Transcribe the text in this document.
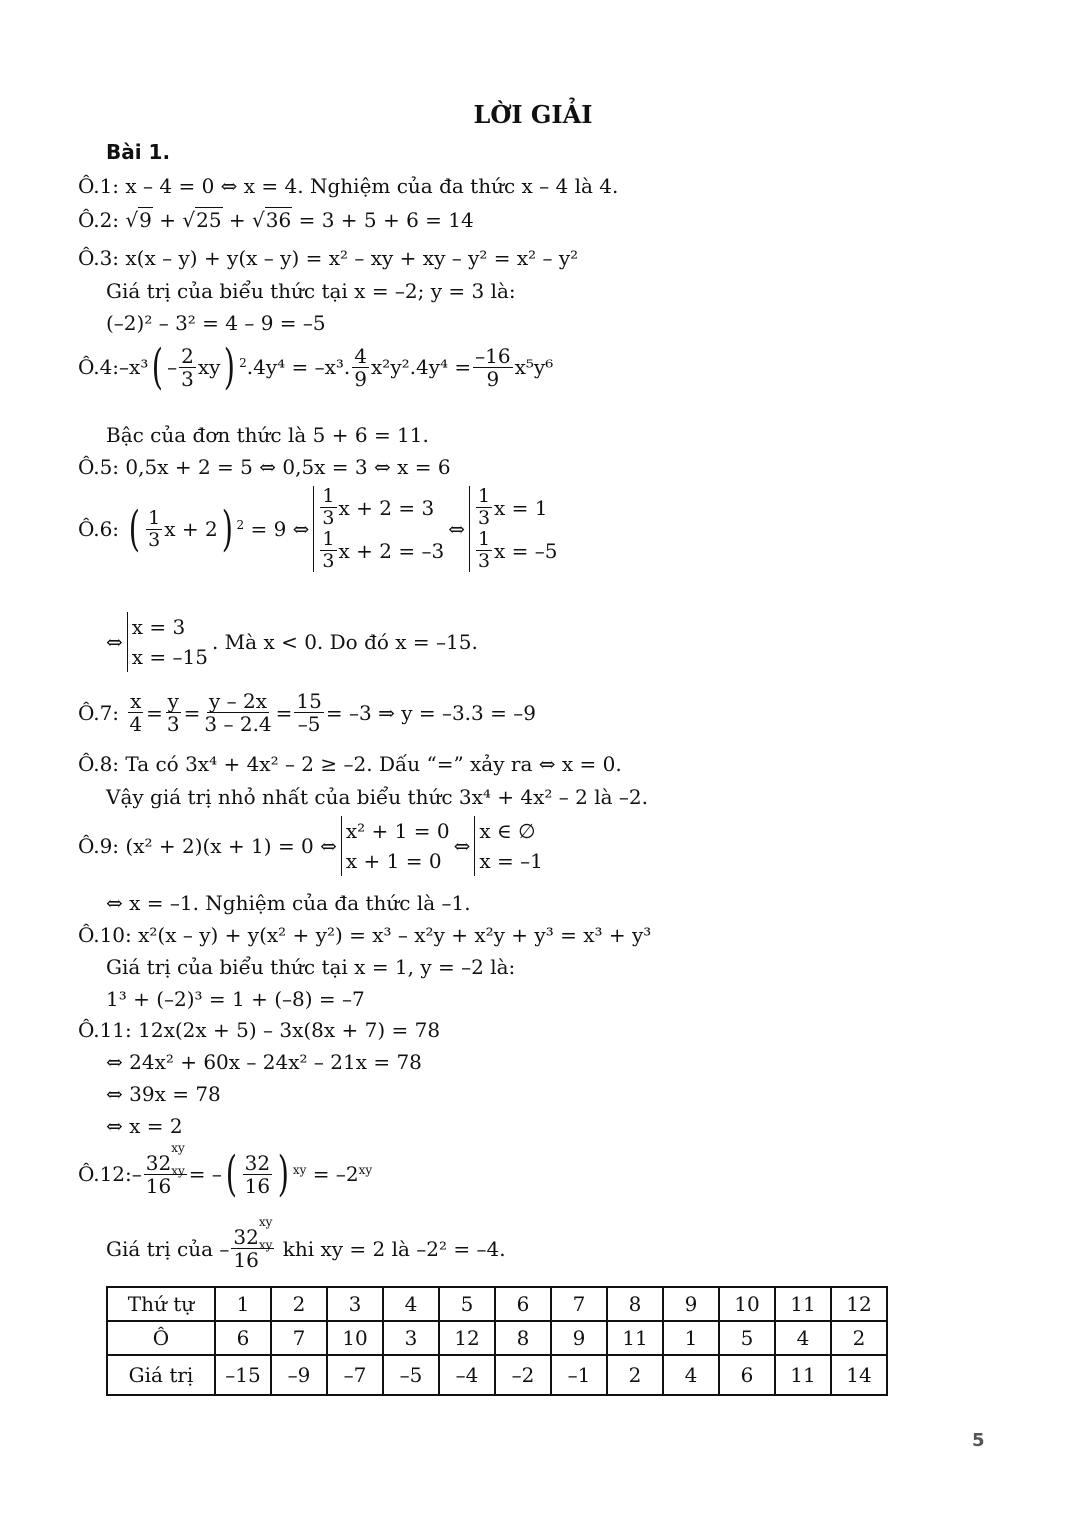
LỜI GIẢI
Bài 1.
Ô.1: x – 4 = 0 ⇔ x = 4. Nghiệm của đa thức x – 4 là 4.
Ô.2: √9 + √25 + √36 = 3 + 5 + 6 = 14
Ô.3: x(x – y) + y(x – y) = x² – xy + xy – y² = x² – y²
Giá trị của biểu thức tại x = –2; y = 3 là:
(–2)² – 3² = 4 – 9 = –5
Ô.4: –x³ ( – 2
3 xy ) $^2$ .4y⁴ = –x³. 4
9 x²y².4y⁴ = –16
9 x⁵y⁶
Bậc của đơn thức là 5 + 6 = 11.
Ô.5: 0,5x + 2 = 5 ⇔ 0,5x = 3 ⇔ x = 6
Ô.6:
( 1
3 x + 2 ) $^2$ = 9 ⇔
1
3 x + 2 = 3
1
3 x + 2 = –3
⇔
1
3 x = 1
1
3 x = –5
⇔
x = 3
x = –15
. Mà x < 0. Do đó x = –15.
Ô.7:
x
4 = y
3 = y – 2x
3 – 2.4 = 15
–5 = –3 ⇒ y = –3.3 = –9
Ô.8: Ta có 3x⁴ + 4x² – 2 ≥ –2. Dấu “=” xảy ra ⇔ x = 0.
Vậy giá trị nhỏ nhất của biểu thức 3x⁴ + 4x² – 2 là –2.
Ô.9: (x² + 2)(x + 1) = 0 ⇔
x² + 1 = 0
x + 1 = 0
⇔
x ∈ ∅
x = –1
⇔ x = –1. Nghiệm của đa thức là –1.
Ô.10: x²(x – y) + y(x² + y²) = x³ – x²y + x²y + y³ = x³ + y³
Giá trị của biểu thức tại x = 1, y = –2 là:
1³ + (–2)³ = 1 + (–8) = –7
Ô.11: 12x(2x + 5) – 3x(8x + 7) = 78
⇔ 24x² + 60x – 24x² – 21x = 78
⇔ 39x = 78
⇔ x = 2
Ô.12: – $32^{xy}$
$16^{xy}$ = – ( 32
16 ) $^{xy} = -2^{xy}$
Giá trị của – $32^{xy}$
$16^{xy}$
khi xy = 2 là –2² = –4.
Thứ tự	1	2	3	4	5	6	7	8	9	10	11	12
Ô	6	7	10	3	12	8	9	11	1	5	4	2
Giá trị	–15	–9	–7	–5	–4	–2	–1	2	4	6	11	14
5
